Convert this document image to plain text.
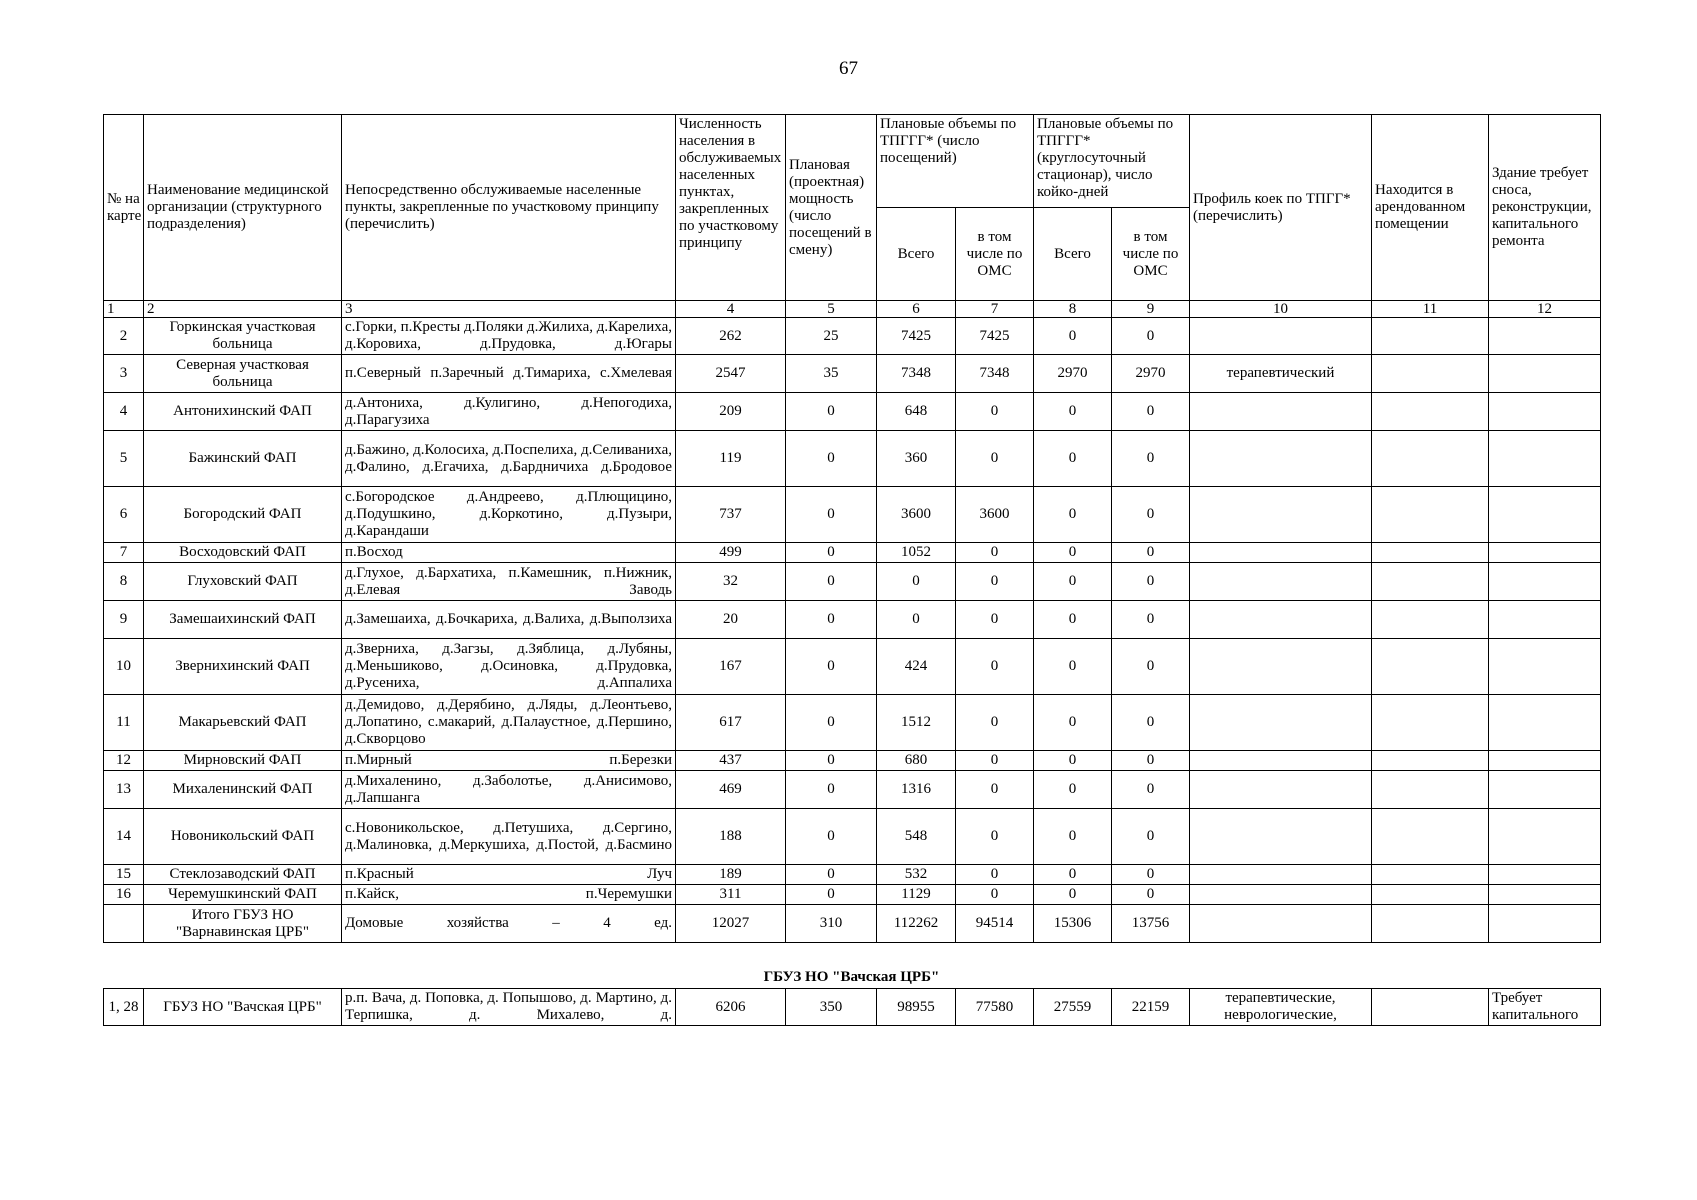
67
№ на карте	Наименование медицинской организации (структурного подразделения)	Непосредственно обслуживаемые населенные пункты, закрепленные по участковому принципу (перечислить)	Численность населения в обслуживаемых населенных пунктах, закрепленных по участковому принципу	Плановая (проектная) мощность (число посещений в смену)	Плановые объемы по ТПГГГ* (число посещений)		Плановые объемы по ТПГГГ* (круглосуточный стационар), число койко-дней		Профиль коек по ТПГГ* (перечислить)	Находится в арендованном помещении	Здание требует сноса, реконструкции, капитального ремонта
					Всего	в том числе по ОМС	Всего	в том числе по ОМС			
1	2	3	4	5	6	7	8	9	10	11	12
2	Горкинская участковая больница	с.Горки, п.Кресты д.Поляки д.Жилиха, д.Карелиха, д.Коровиха, д.Прудовка, д.Югары	262	25	7425	7425	0	0			
3	Северная участковая больница	п.Северный п.Заречный д.Тимариха, с.Хмелевая	2547	35	7348	7348	2970	2970	терапевтический		
4	Антонихинский ФАП	д.Антониха, д.Кулигино, д.Непогодиха, д.Парагузиха	209	0	648	0	0	0			
5	Бажинский ФАП	д.Бажино, д.Колосиха, д.Поспелиха, д.Селиваниха, д.Фалино, д.Егачиха, д.Бардничиха д.Бродовое	119	0	360	0	0	0			
6	Богородский ФАП	с.Богородское д.Андреево, д.Плющицино, д.Подушкино, д.Коркотино, д.Пузыри, д.Карандаши	737	0	3600	3600	0	0			
7	Восходовский ФАП	п.Восход	499	0	1052	0	0	0			
8	Глуховский ФАП	д.Глухое, д.Бархатиха, п.Камешник, п.Нижник, д.Елевая Заводь	32	0	0	0	0	0			
9	Замешаихинский ФАП	д.Замешаиха, д.Бочкариха, д.Валиха, д.Выползиха	20	0	0	0	0	0			
10	Звернихинский ФАП	д.Зверниха, д.Загзы, д.Зяблица, д.Лубяны, д.Меньшиково, д.Осиновка, д.Прудовка, д.Русениха, д.Аппалиха	167	0	424	0	0	0			
11	Макарьевский ФАП	д.Демидово, д.Дерябино, д.Ляды, д.Леонтьево, д.Лопатино, с.макарий, д.Палаустное, д.Першино, д.Скворцово	617	0	1512	0	0	0			
12	Мирновский ФАП	п.Мирный п.Березки	437	0	680	0	0	0			
13	Михаленинский ФАП	д.Михаленино, д.Заболотье, д.Анисимово, д.Лапшанга	469	0	1316	0	0	0			
14	Новоникольский ФАП	с.Новоникольское, д.Петушиха, д.Сергино, д.Малиновка, д.Меркушиха, д.Постой, д.Басмино	188	0	548	0	0	0			
15	Стеклозаводский ФАП	п.Красный Луч	189	0	532	0	0	0			
16	Черемушкинский ФАП	п.Кайск, п.Черемушки	311	0	1129	0	0	0			
	Итого ГБУЗ НО "Варнавинская ЦРБ"	Домовые хозяйства – 4 ед.	12027	310	112262	94514	15306	13756			
ГБУЗ НО "Вачская ЦРБ"
1, 28	ГБУЗ НО "Вачская ЦРБ"	р.п. Вача, д. Поповка, д. Попышово, д. Мартино, д. Терпишка, д. Михалево, д.	6206	350	98955	77580	27559	22159	терапевтические, неврологические,		Требует капитального
